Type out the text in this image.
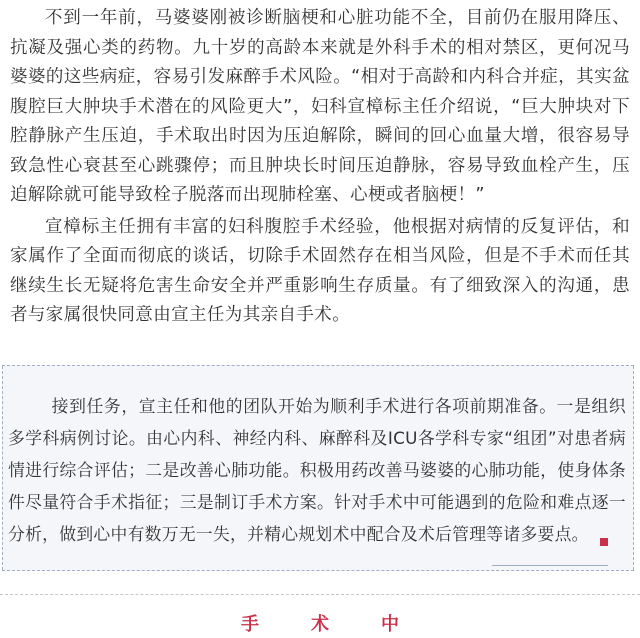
不到一年前，马婆婆刚被诊断脑梗和心脏功能不全，目前仍在服用降压、抗凝及强心类的药物。九十岁的高龄本来就是外科手术的相对禁区，更何况马婆婆的这些病症，容易引发麻醉手术风险。“相对于高龄和内科合并症，其实盆腹腔巨大肿块手术潜在的风险更大”，妇科宣樟标主任介绍说，“巨大肿块对下腔静脉产生压迫，手术取出时因为压迫解除，瞬间的回心血量大增，很容易导致急性心衰甚至心跳骤停；而且肿块长时间压迫静脉，容易导致血栓产生，压迫解除就可能导致栓子脱落而出现肺栓塞、心梗或者脑梗！”

宣樟标主任拥有丰富的妇科腹腔手术经验，他根据对病情的反复评估，和家属作了全面而彻底的谈话，切除手术固然存在相当风险，但是不手术而任其继续生长无疑将危害生命安全并严重影响生存质量。有了细致深入的沟通，患者与家属很快同意由宣主任为其亲自手术。

接到任务，宣主任和他的团队开始为顺利手术进行各项前期准备。一是组织多学科病例讨论。由心内科、神经内科、麻醉科及ICU各学科专家“组团”对患者病情进行综合评估；二是改善心肺功能。积极用药改善马婆婆的心肺功能，使身体条件尽量符合手术指征；三是制订手术方案。针对手术中可能遇到的危险和难点逐一分析，做到心中有数万无一失，并精心规划术中配合及术后管理等诸多要点。

手	术	中
